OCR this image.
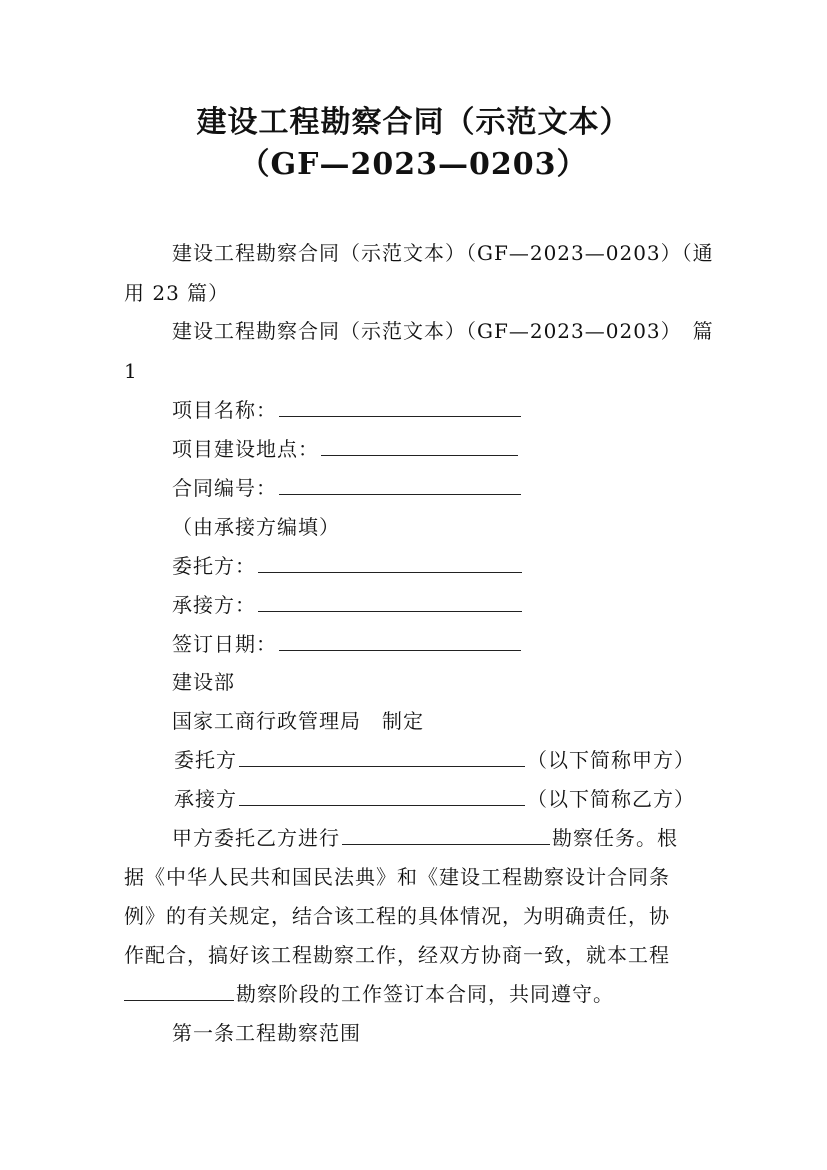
建设工程勘察合同（示范文本）
（GF—2023—0203）
建设工程勘察合同（示范文本）（GF—2023—0203）（通
用 23 篇）
建设工程勘察合同（示范文本）（GF—2023—0203）　篇
1
项目名称：
项目建设地点：
合同编号：
（由承接方编填）
委托方：
承接方：
签订日期：
建设部
国家工商行政管理局　制定
委托方	（以下简称甲方）
承接方	（以下简称乙方）
甲方委托乙方进行	勘察任务。根
据《中华人民共和国民法典》和《建设工程勘察设计合同条
例》的有关规定，结合该工程的具体情况，为明确责任，协
作配合，搞好该工程勘察工作，经双方协商一致，就本工程
勘察阶段的工作签订本合同，共同遵守。
第一条工程勘察范围
